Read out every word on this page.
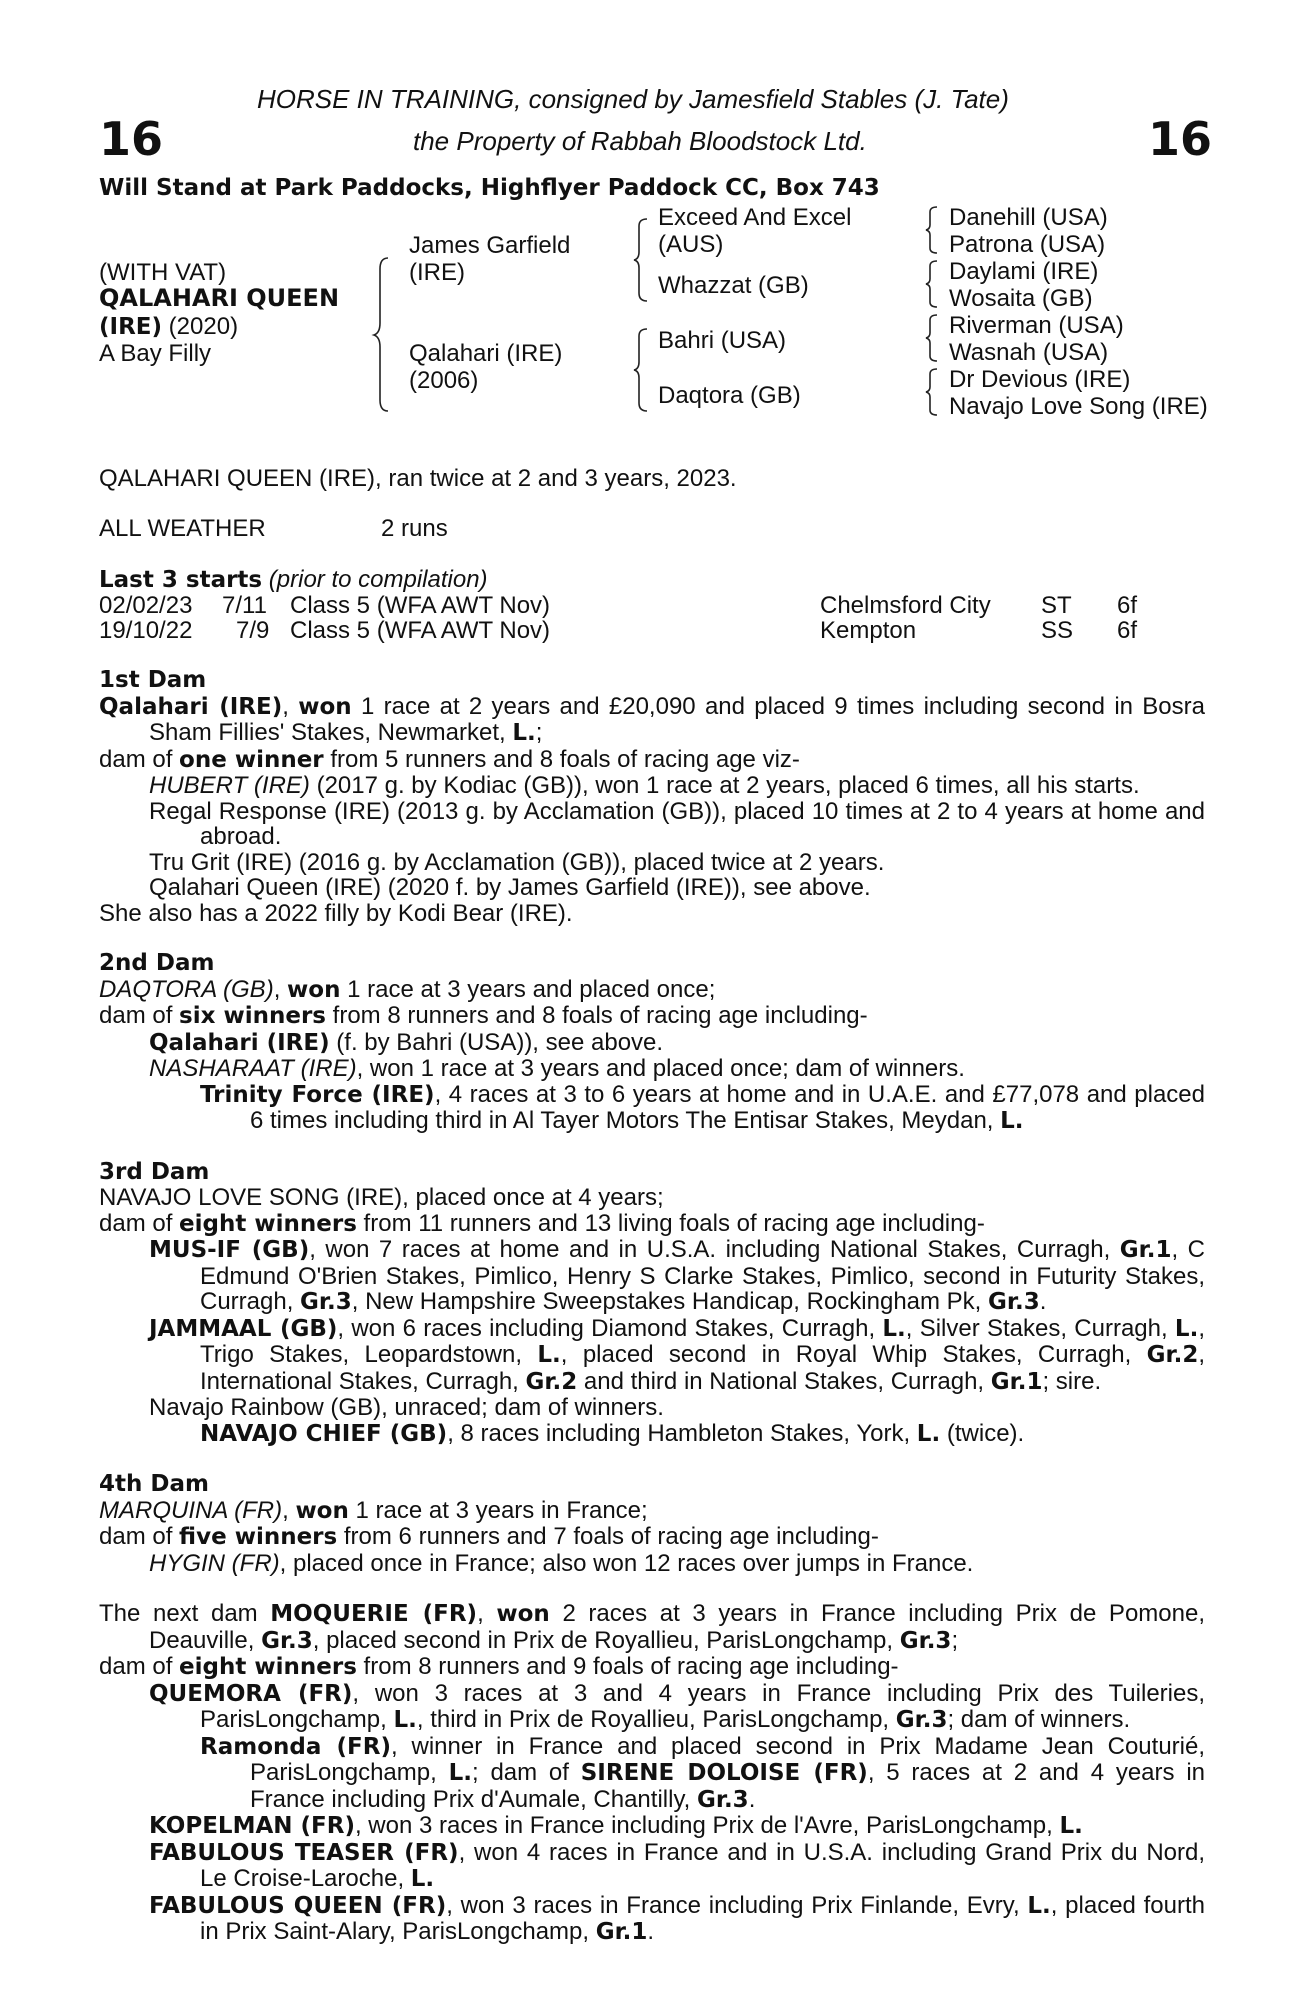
HORSE IN TRAINING, consigned by Jamesfield Stables (J. Tate)
the Property of Rabbah Bloodstock Ltd.
16	16
Will Stand at Park Paddocks, Highflyer Paddock CC, Box 743
(WITH VAT)
QALAHARI QUEEN
(IRE) (2020)
A Bay Filly
James Garfield
(IRE)
Qalahari (IRE)
(2006)
Exceed And Excel
(AUS)
Whazzat (GB)
Bahri (USA)
Daqtora (GB)
Danehill (USA)
Patrona (USA)
Daylami (IRE)
Wosaita (GB)
Riverman (USA)
Wasnah (USA)
Dr Devious (IRE)
Navajo Love Song (IRE)
QALAHARI QUEEN (IRE), ran twice at 2 and 3 years, 2023.
ALL WEATHER	2 runs
Last 3 starts (prior to compilation)
02/02/23 7/11 Class 5 (WFA AWT Nov)	Chelmsford City ST 6f
19/10/22 7/9 Class 5 (WFA AWT Nov)	Kempton	SS 6f
1st Dam
Qalahari (IRE), won 1 race at 2 years and £20,090 and placed 9 times including second in Bosra Sham Fillies' Stakes, Newmarket, L.;
dam of one winner from 5 runners and 8 foals of racing age viz-
HUBERT (IRE) (2017 g. by Kodiac (GB)), won 1 race at 2 years, placed 6 times, all his starts.
Regal Response (IRE) (2013 g. by Acclamation (GB)), placed 10 times at 2 to 4 years at home and abroad.
Tru Grit (IRE) (2016 g. by Acclamation (GB)), placed twice at 2 years.
Qalahari Queen (IRE) (2020 f. by James Garfield (IRE)), see above.
She also has a 2022 filly by Kodi Bear (IRE).
2nd Dam
DAQTORA (GB), won 1 race at 3 years and placed once;
dam of six winners from 8 runners and 8 foals of racing age including-
Qalahari (IRE) (f. by Bahri (USA)), see above.
NASHARAAT (IRE), won 1 race at 3 years and placed once; dam of winners.
Trinity Force (IRE), 4 races at 3 to 6 years at home and in U.A.E. and £77,078 and placed 6 times including third in Al Tayer Motors The Entisar Stakes, Meydan, L.
3rd Dam
NAVAJO LOVE SONG (IRE), placed once at 4 years;
dam of eight winners from 11 runners and 13 living foals of racing age including-
MUS-IF (GB), won 7 races at home and in U.S.A. including National Stakes, Curragh, Gr.1, C Edmund O'Brien Stakes, Pimlico, Henry S Clarke Stakes, Pimlico, second in Futurity Stakes, Curragh, Gr.3, New Hampshire Sweepstakes Handicap, Rockingham Pk, Gr.3.
JAMMAAL (GB), won 6 races including Diamond Stakes, Curragh, L., Silver Stakes, Curragh, L., Trigo Stakes, Leopardstown, L., placed second in Royal Whip Stakes, Curragh, Gr.2, International Stakes, Curragh, Gr.2 and third in National Stakes, Curragh, Gr.1; sire.
Navajo Rainbow (GB), unraced; dam of winners.
NAVAJO CHIEF (GB), 8 races including Hambleton Stakes, York, L. (twice).
4th Dam
MARQUINA (FR), won 1 race at 3 years in France;
dam of five winners from 6 runners and 7 foals of racing age including-
HYGIN (FR), placed once in France; also won 12 races over jumps in France.
The next dam MOQUERIE (FR), won 2 races at 3 years in France including Prix de Pomone, Deauville, Gr.3, placed second in Prix de Royallieu, ParisLongchamp, Gr.3;
dam of eight winners from 8 runners and 9 foals of racing age including-
QUEMORA (FR), won 3 races at 3 and 4 years in France including Prix des Tuileries, ParisLongchamp, L., third in Prix de Royallieu, ParisLongchamp, Gr.3; dam of winners.
Ramonda (FR), winner in France and placed second in Prix Madame Jean Couturié, ParisLongchamp, L.; dam of SIRENE DOLOISE (FR), 5 races at 2 and 4 years in France including Prix d'Aumale, Chantilly, Gr.3.
KOPELMAN (FR), won 3 races in France including Prix de l'Avre, ParisLongchamp, L.
FABULOUS TEASER (FR), won 4 races in France and in U.S.A. including Grand Prix du Nord, Le Croise-Laroche, L.
FABULOUS QUEEN (FR), won 3 races in France including Prix Finlande, Evry, L., placed fourth in Prix Saint-Alary, ParisLongchamp, Gr.1.
